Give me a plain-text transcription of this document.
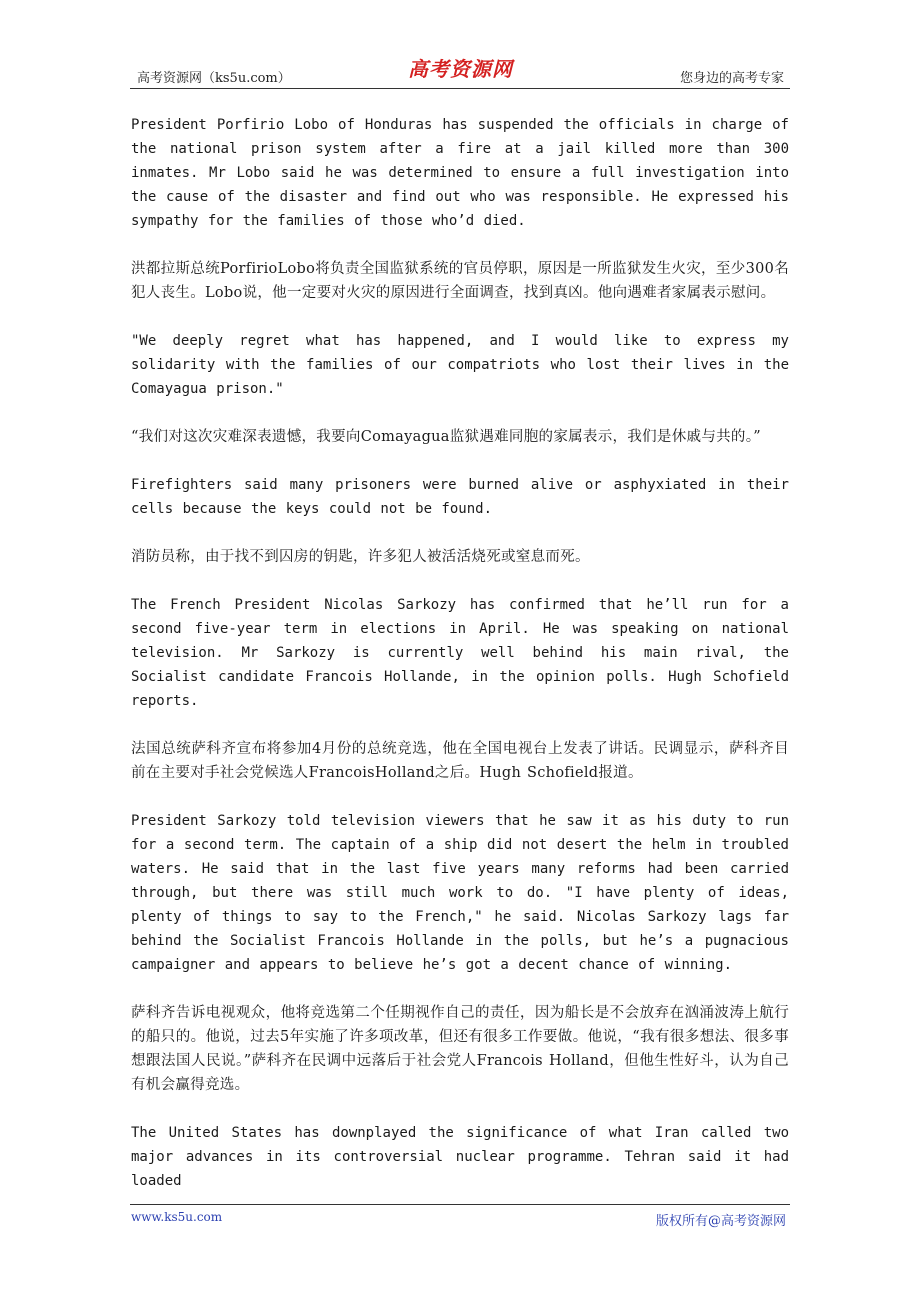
高考资源网（ks5u.com）	高考资源网	您身边的高考专家

President Porfirio Lobo of Honduras has suspended the officials in charge of the national prison system after a fire at a jail killed more than 300 inmates. Mr Lobo said he was determined to ensure a full investigation into the cause of the disaster and find out who was responsible. He expressed his sympathy for the families of those who’d died.

洪都拉斯总统PorfirioLobo将负责全国监狱系统的官员停职，原因是一所监狱发生火灾，至少300名犯人丧生。Lobo说，他一定要对火灾的原因进行全面调查，找到真凶。他向遇难者家属表示慰问。

"We deeply regret what has happened, and I would like to express my solidarity with the families of our compatriots who lost their lives in the Comayagua prison."

“我们对这次灾难深表遗憾，我要向Comayagua监狱遇难同胞的家属表示，我们是休戚与共的。”

Firefighters said many prisoners were burned alive or asphyxiated in their cells because the keys could not be found.

消防员称，由于找不到囚房的钥匙，许多犯人被活活烧死或窒息而死。

The French President Nicolas Sarkozy has confirmed that he’ll run for a second five-year term in elections in April. He was speaking on national television. Mr Sarkozy is currently well behind his main rival, the Socialist candidate Francois Hollande, in the opinion polls. Hugh Schofield reports.

法国总统萨科齐宣布将参加4月份的总统竞选，他在全国电视台上发表了讲话。民调显示，萨科齐目前在主要对手社会党候选人FrancoisHolland之后。Hugh Schofield报道。

President Sarkozy told television viewers that he saw it as his duty to run for a second term. The captain of a ship did not desert the helm in troubled waters. He said that in the last five years many reforms had been carried through, but there was still much work to do. "I have plenty of ideas, plenty of things to say to the French," he said. Nicolas Sarkozy lags far behind the Socialist Francois Hollande in the polls, but he’s a pugnacious campaigner and appears to believe he’s got a decent chance of winning.

萨科齐告诉电视观众，他将竞选第二个任期视作自己的责任，因为船长是不会放弃在汹涌波涛上航行的船只的。他说，过去5年实施了许多项改革，但还有很多工作要做。他说，“我有很多想法、很多事想跟法国人民说。”萨科齐在民调中远落后于社会党人Francois Holland，但他生性好斗，认为自己有机会赢得竞选。

The United States has downplayed the significance of what Iran called two major advances in its controversial nuclear programme. Tehran said it had loaded

www.ks5u.com	版权所有@高考资源网
